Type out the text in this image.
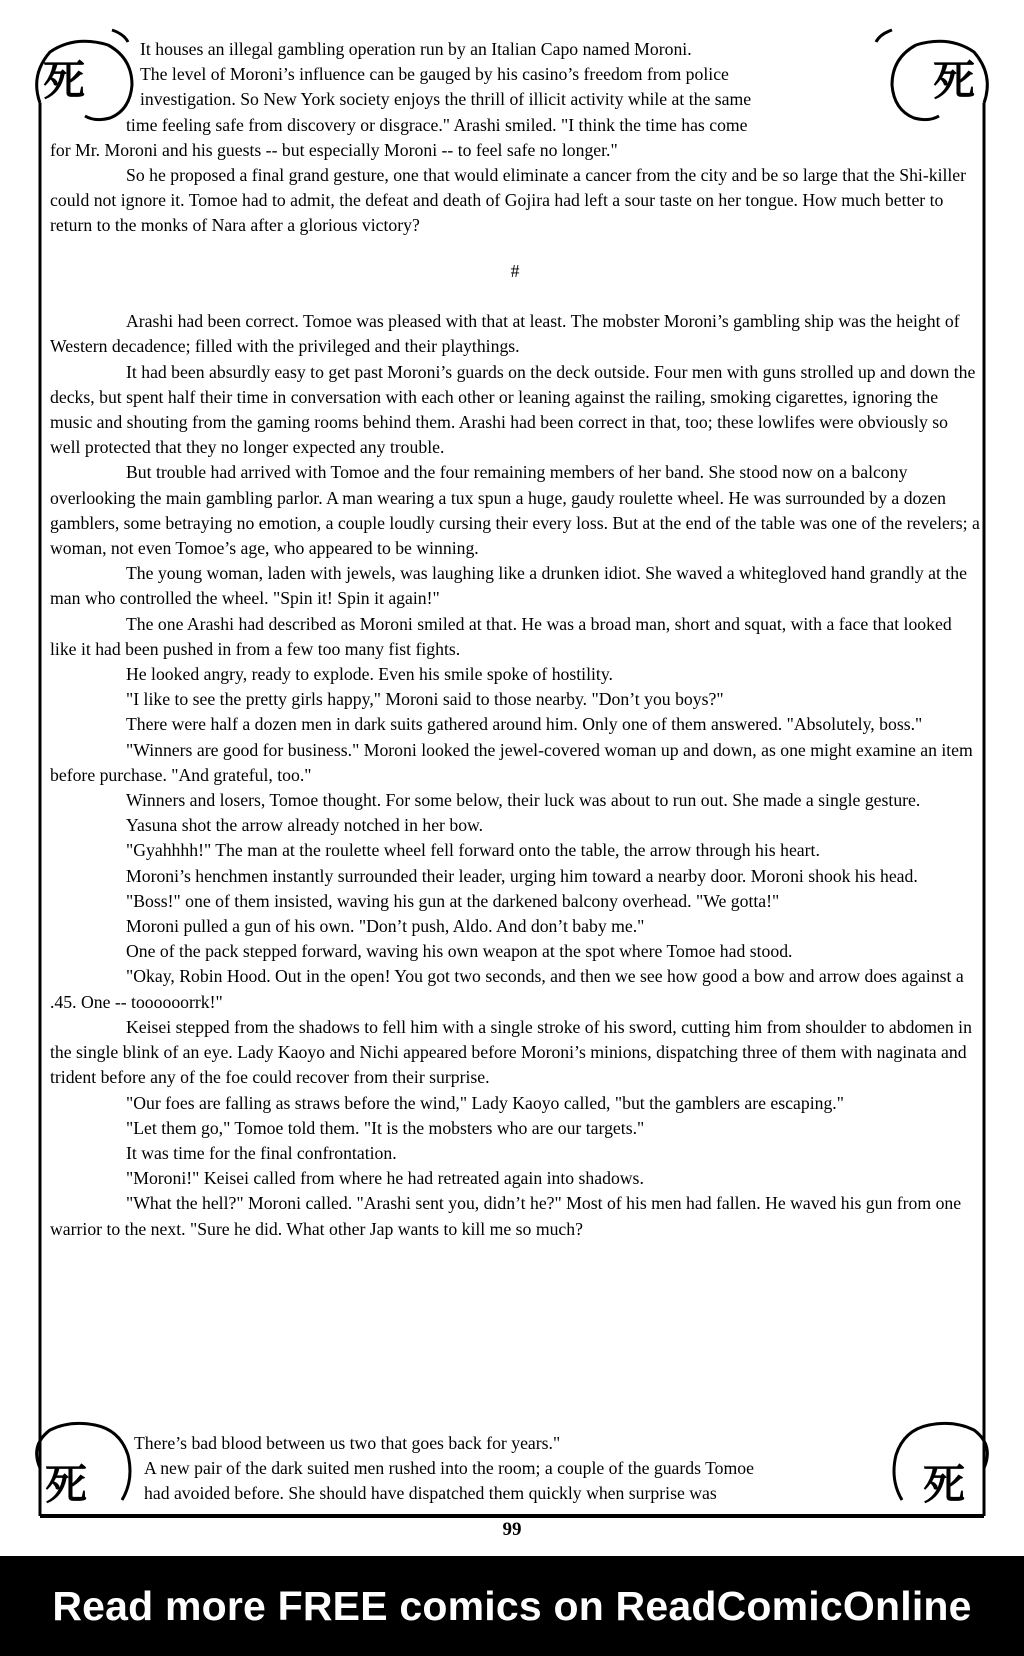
死	死
死	死

It houses an illegal gambling operation run by an Italian Capo named Moroni.

The level of Moroni’s influence can be gauged by his casino’s freedom from police

investigation. So New York society enjoys the thrill of illicit activity while at the same

time feeling safe from discovery or disgrace." Arashi smiled. "I think the time has come

for Mr. Moroni and his guests -- but especially Moroni -- to feel safe no longer."

So he proposed a final grand gesture, one that would eliminate a cancer from the city and be so large that the Shi-killer could not ignore it. Tomoe had to admit, the defeat and death of Gojira had left a sour taste on her tongue. How much better to return to the monks of Nara after a glorious victory?

#

Arashi had been correct. Tomoe was pleased with that at least. The mobster Moroni’s gambling ship was the height of Western decadence; filled with the privileged and their playthings.

It had been absurdly easy to get past Moroni’s guards on the deck outside. Four men with guns strolled up and down the decks, but spent half their time in conversation with each other or leaning against the railing, smoking cigarettes, ignoring the music and shouting from the gaming rooms behind them. Arashi had been correct in that, too; these lowlifes were obviously so well protected that they no longer expected any trouble.

But trouble had arrived with Tomoe and the four remaining members of her band. She stood now on a balcony overlooking the main gambling parlor. A man wearing a tux spun a huge, gaudy roulette wheel. He was surrounded by a dozen gamblers, some betraying no emotion, a couple loudly cursing their every loss. But at the end of the table was one of the revelers; a woman, not even Tomoe’s age, who appeared to be winning.

The young woman, laden with jewels, was laughing like a drunken idiot. She waved a whitegloved hand grandly at the man who controlled the wheel. "Spin it! Spin it again!"

The one Arashi had described as Moroni smiled at that. He was a broad man, short and squat, with a face that looked like it had been pushed in from a few too many fist fights.

He looked angry, ready to explode. Even his smile spoke of hostility.

"I like to see the pretty girls happy," Moroni said to those nearby. "Don’t you boys?"

There were half a dozen men in dark suits gathered around him. Only one of them answered. "Absolutely, boss."

"Winners are good for business." Moroni looked the jewel-covered woman up and down, as one might examine an item before purchase. "And grateful, too."

Winners and losers, Tomoe thought. For some below, their luck was about to run out. She made a single gesture.

Yasuna shot the arrow already notched in her bow.

"Gyahhhh!" The man at the roulette wheel fell forward onto the table, the arrow through his heart.

Moroni’s henchmen instantly surrounded their leader, urging him toward a nearby door. Moroni shook his head.

"Boss!" one of them insisted, waving his gun at the darkened balcony overhead. "We gotta!"

Moroni pulled a gun of his own. "Don’t push, Aldo. And don’t baby me."

One of the pack stepped forward, waving his own weapon at the spot where Tomoe had stood.

"Okay, Robin Hood. Out in the open! You got two seconds, and then we see how good a bow and arrow does against a .45. One -- toooooorrk!"

Keisei stepped from the shadows to fell him with a single stroke of his sword, cutting him from shoulder to abdomen in the single blink of an eye. Lady Kaoyo and Nichi appeared before Moroni’s minions, dispatching three of them with naginata and trident before any of the foe could recover from their surprise.

"Our foes are falling as straws before the wind," Lady Kaoyo called, "but the gamblers are escaping."

"Let them go," Tomoe told them. "It is the mobsters who are our targets."

It was time for the final confrontation.

"Moroni!" Keisei called from where he had retreated again into shadows.

"What the hell?" Moroni called. "Arashi sent you, didn’t he?" Most of his men had fallen. He waved his gun from one warrior to the next. "Sure he did. What other Jap wants to kill me so much?

There’s bad blood between us two that goes back for years."

A new pair of the dark suited men rushed into the room; a couple of the guards Tomoe

had avoided before. She should have dispatched them quickly when surprise was

99
Read more FREE comics on ReadComicOnline
